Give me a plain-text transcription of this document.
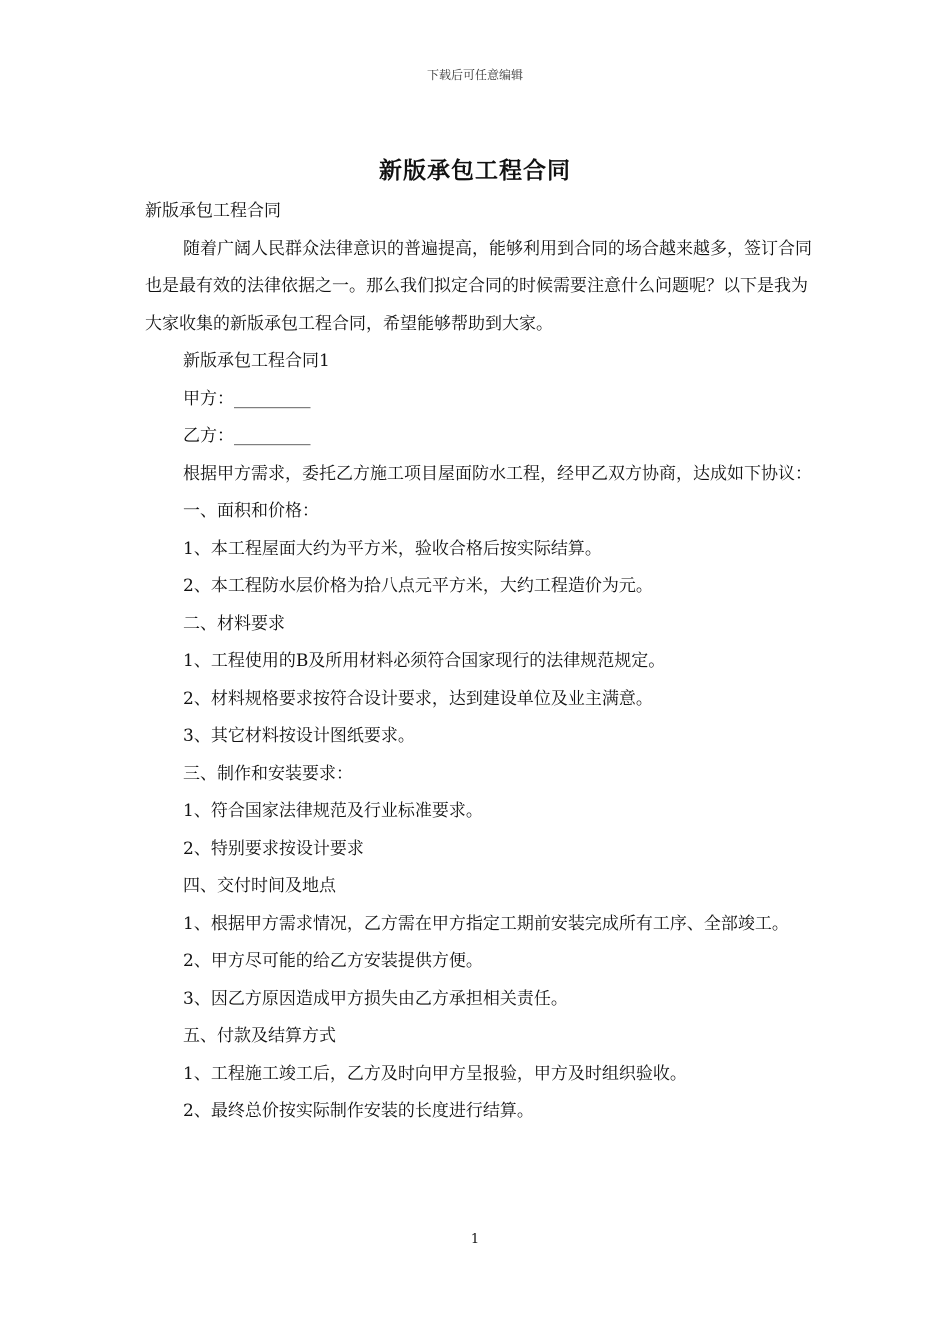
下载后可任意编辑
新版承包工程合同

新版承包工程合同

随着广阔人民群众法律意识的普遍提高，能够利用到合同的场合越来越多，签订合同也是最有效的法律依据之一。那么我们拟定合同的时候需要注意什么问题呢？以下是我为大家收集的新版承包工程合同，希望能够帮助到大家。

新版承包工程合同1

甲方：_________

乙方：_________

根据甲方需求，委托乙方施工项目屋面防水工程，经甲乙双方协商，达成如下协议：

一、面积和价格：

1、本工程屋面大约为平方米，验收合格后按实际结算。

2、本工程防水层价格为拾八点元平方米，大约工程造价为元。

二、材料要求

1、工程使用的B及所用材料必须符合国家现行的法律规范规定。

2、材料规格要求按符合设计要求，达到建设单位及业主满意。

3、其它材料按设计图纸要求。

三、制作和安装要求：

1、符合国家法律规范及行业标准要求。

2、特别要求按设计要求

四、交付时间及地点

1、根据甲方需求情况，乙方需在甲方指定工期前安装完成所有工序、全部竣工。

2、甲方尽可能的给乙方安装提供方便。

3、因乙方原因造成甲方损失由乙方承担相关责任。

五、付款及结算方式

1、工程施工竣工后，乙方及时向甲方呈报验，甲方及时组织验收。

2、最终总价按实际制作安装的长度进行结算。

1
